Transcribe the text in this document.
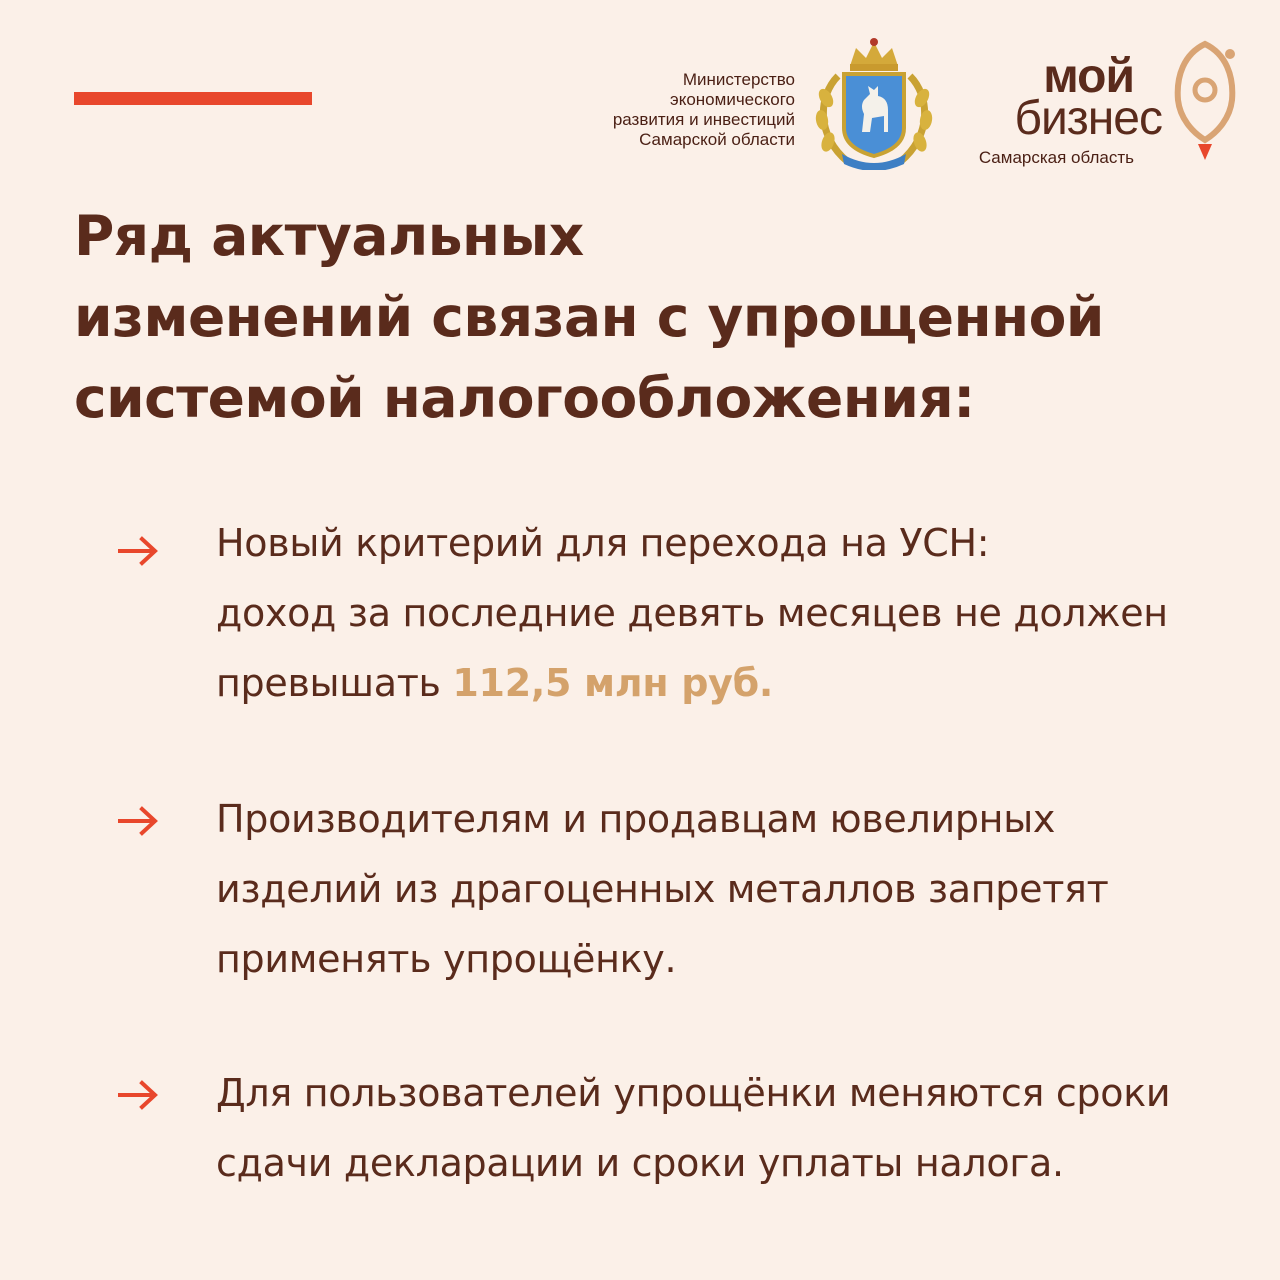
Министерство
экономического
развития и инвестиций
Самарской области
мой
бизнес
Самарская область
Ряд актуальных
изменений связан с упрощенной
системой налогообложения:
Новый критерий для перехода на УСН:
доход за последние девять месяцев не должен
превышать 112,5 млн руб.
Производителям и продавцам ювелирных
изделий из драгоценных металлов запретят
применять упрощёнку.
Для пользователей упрощёнки меняются сроки
сдачи декларации и сроки уплаты налога.
